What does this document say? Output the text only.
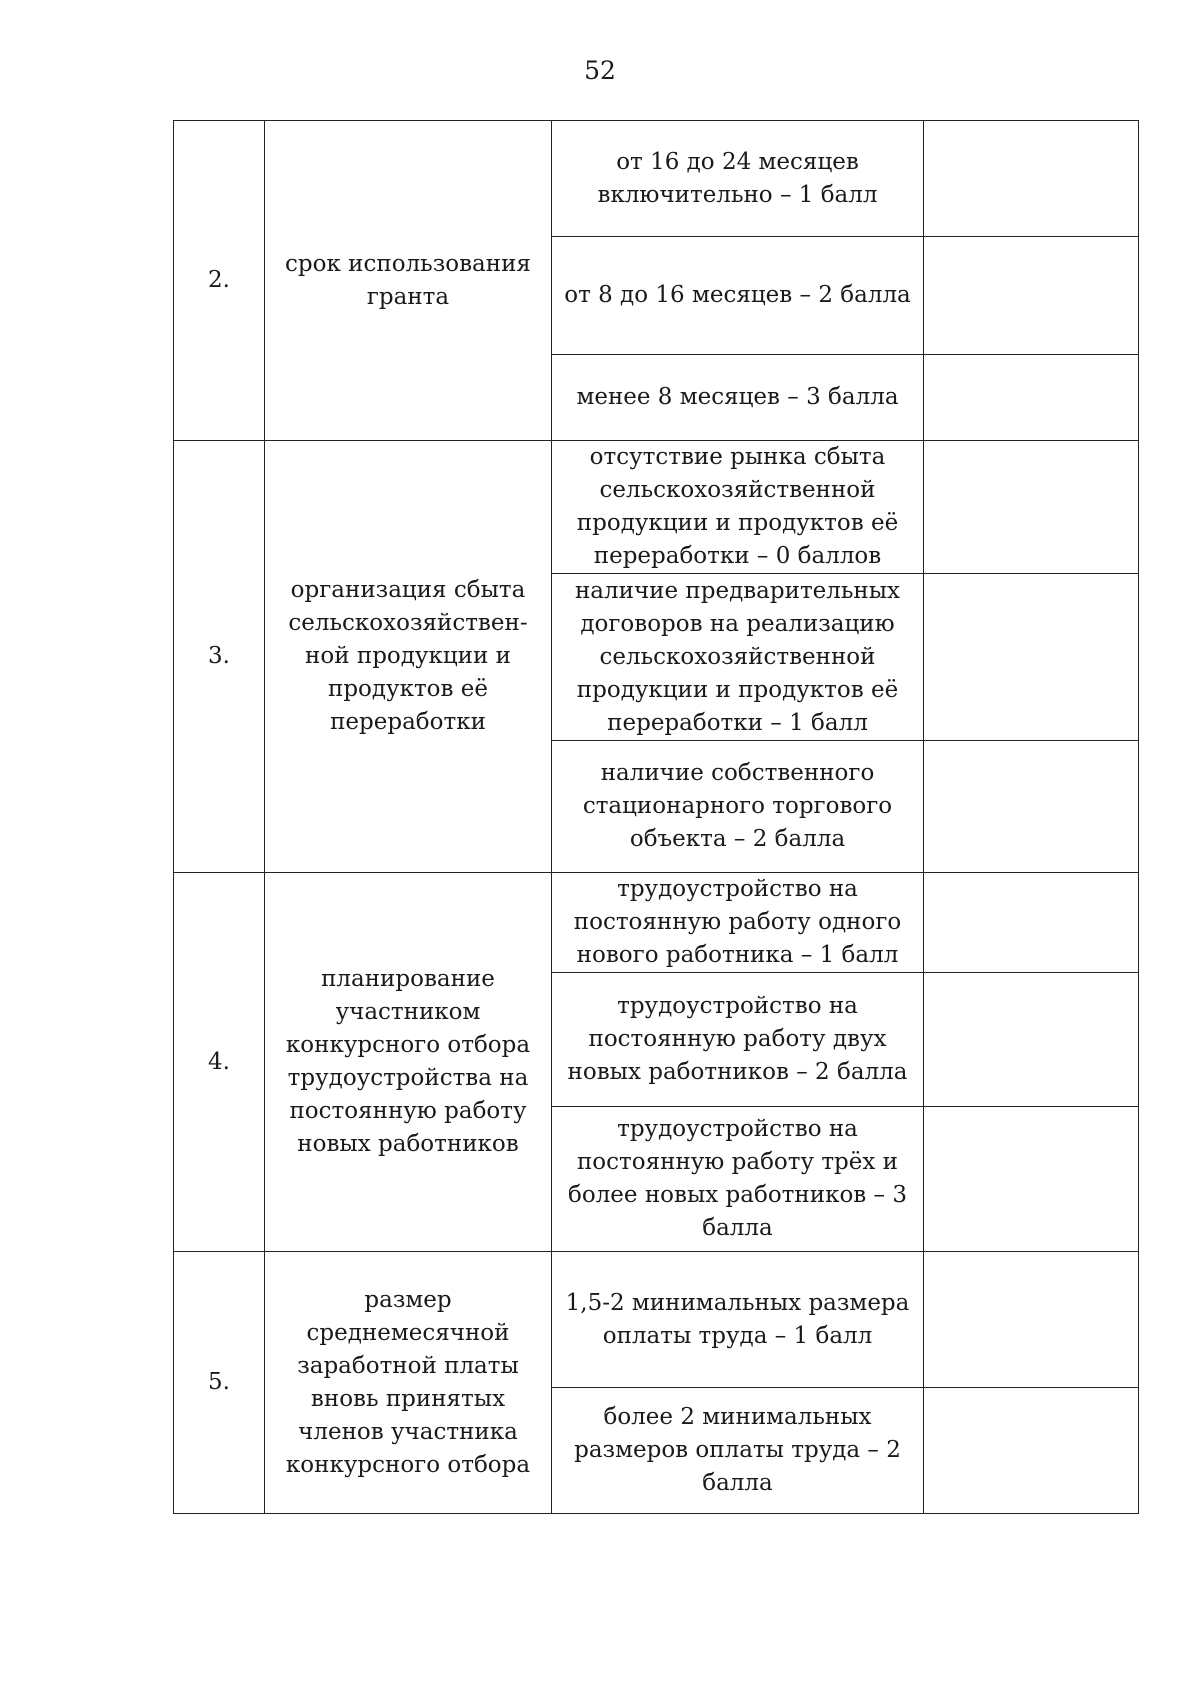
52
2.	срок использования гранта	от 16 до 24 месяцев включительно – 1 балл	
		от 8 до 16 месяцев – 2 балла	
		менее 8 месяцев – 3 балла	
3.	организация сбыта сельскохозяйствен-ной продукции и продуктов её переработки	отсутствие рынка сбыта сельскохозяйственной продукции и продуктов её переработки – 0 баллов	
		наличие предварительных договоров на реализацию сельскохозяйственной продукции и продуктов её переработки – 1 балл	
		наличие собственного стационарного торгового объекта – 2 балла	
4.	планирование участником конкурсного отбора трудоустройства на постоянную работу новых работников	трудоустройство на постоянную работу одного нового работника – 1 балл	
		трудоустройство на постоянную работу двух новых работников – 2 балла	
		трудоустройство на постоянную работу трёх и более новых работников – 3 балла	
5.	размер среднемесячной заработной платы вновь принятых членов участника конкурсного отбора	1,5-2 минимальных размера оплаты труда – 1 балл	
		более 2 минимальных размеров оплаты труда – 2 балла	
